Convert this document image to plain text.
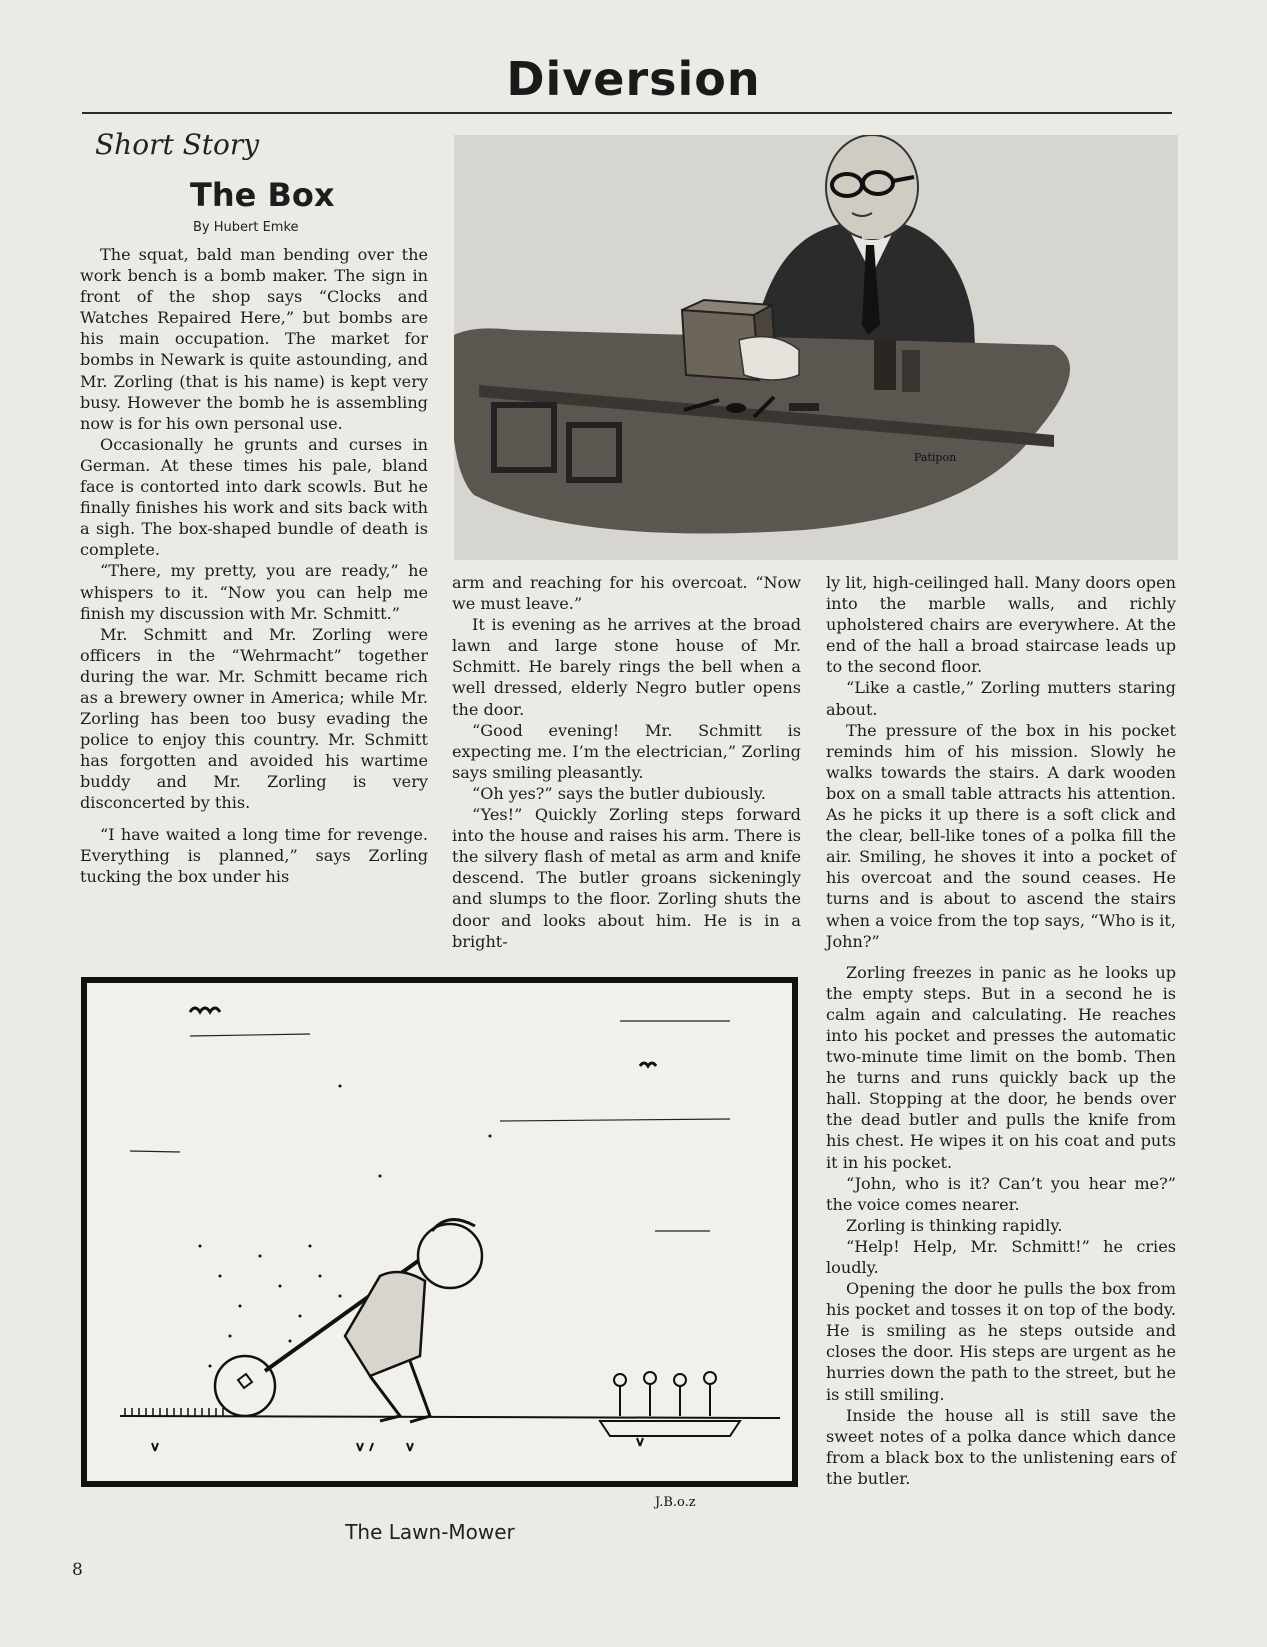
Diversion
Short Story
The Box
By Hubert Emke

The squat, bald man bending over the work bench is a bomb maker. The sign in front of the shop says “Clocks and Watches Repaired Here,” but bombs are his main occupation. The market for bombs in Newark is quite astounding, and Mr. Zorling (that is his name) is kept very busy. However the bomb he is assembling now is for his own personal use.

Occasionally he grunts and curses in German. At these times his pale, bland face is contorted into dark scowls. But he finally finishes his work and sits back with a sigh. The box-shaped bundle of death is complete.

“There, my pretty, you are ready,” he whispers to it. “Now you can help me finish my discussion with Mr. Schmitt.”

Mr. Schmitt and Mr. Zorling were officers in the “Wehrmacht” together during the war. Mr. Schmitt became rich as a brewery owner in America; while Mr. Zorling has been too busy evading the police to enjoy this country. Mr. Schmitt has forgotten and avoided his wartime buddy and Mr. Zorling is very disconcerted by this.

“I have waited a long time for revenge. Everything is planned,” says Zorling tucking the box under his

arm and reaching for his overcoat. “Now we must leave.”

It is evening as he arrives at the broad lawn and large stone house of Mr. Schmitt. He barely rings the bell when a well dressed, elderly Negro butler opens the door.

“Good evening! Mr. Schmitt is expecting me. I’m the electrician,” Zorling says smiling pleasantly.

“Oh yes?” says the butler dubiously.

“Yes!” Quickly Zorling steps forward into the house and raises his arm. There is the silvery flash of metal as arm and knife descend. The butler groans sickeningly and slumps to the floor. Zorling shuts the door and looks about him. He is in a bright-

ly lit, high-ceilinged hall. Many doors open into the marble walls, and richly upholstered chairs are everywhere. At the end of the hall a broad staircase leads up to the second floor.

“Like a castle,” Zorling mutters staring about.

The pressure of the box in his pocket reminds him of his mission. Slowly he walks towards the stairs. A dark wooden box on a small table attracts his attention. As he picks it up there is a soft click and the clear, bell-like tones of a polka fill the air. Smiling, he shoves it into a pocket of his overcoat and the sound ceases. He turns and is about to ascend the stairs when a voice from the top says, “Who is it, John?”

Zorling freezes in panic as he looks up the empty steps. But in a second he is calm again and calculating. He reaches into his pocket and presses the automatic two-minute time limit on the bomb. Then he turns and runs quickly back up the hall. Stopping at the door, he bends over the dead butler and pulls the knife from his chest. He wipes it on his coat and puts it in his pocket.

“John, who is it? Can’t you hear me?” the voice comes nearer.

Zorling is thinking rapidly.

“Help! Help, Mr. Schmitt!” he cries loudly.

Opening the door he pulls the box from his pocket and tosses it on top of the body. He is smiling as he steps outside and closes the door. His steps are urgent as he hurries down the path to the street, but he is still smiling.

Inside the house all is still save the sweet notes of a polka dance which dance from a black box to the unlistening ears of the butler.

Patipon
J.B.o.z
The Lawn-Mower
8
